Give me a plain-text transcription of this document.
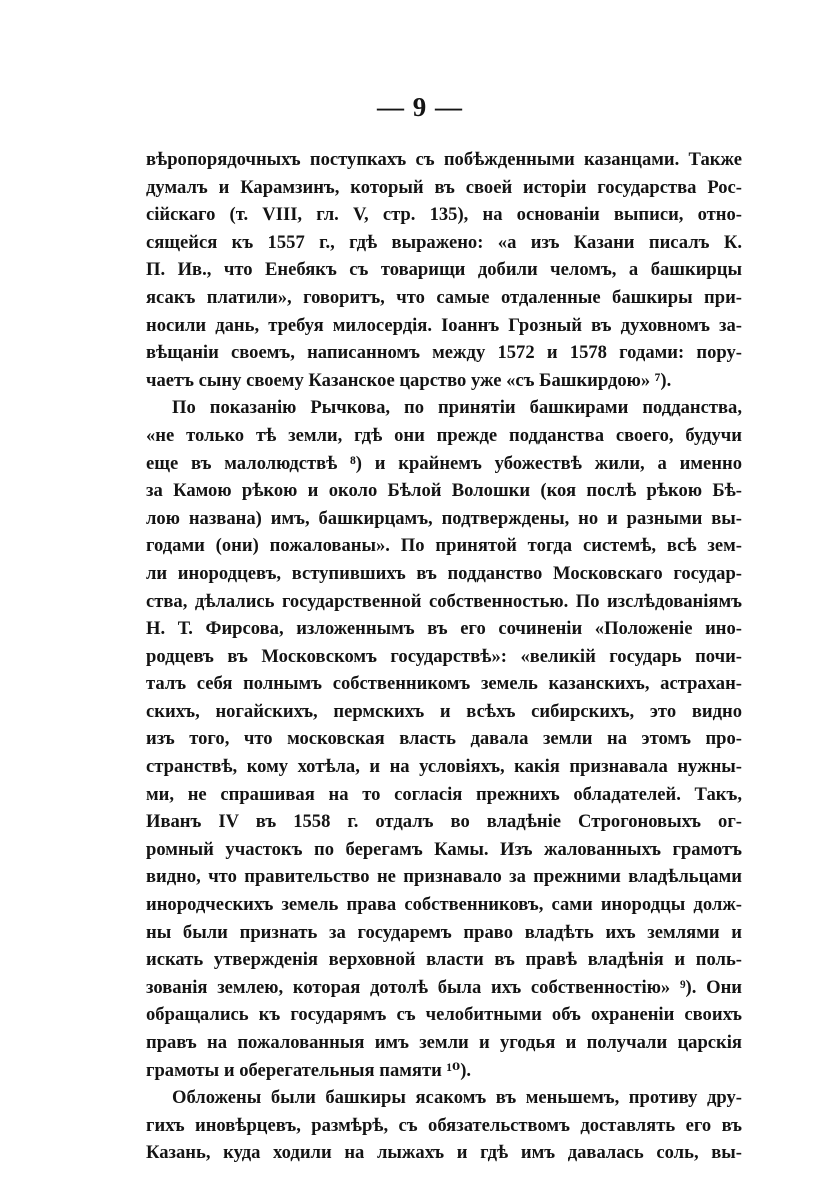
— 9 —
вѣропорядочныхъ поступкахъ съ побѣжденными казанцами. Также
думалъ и Карамзинъ, который въ своей исторіи государства Рос-
сійскаго (т. VIII, гл. V, стр. 135), на основаніи выписи, отно-
сящейся къ 1557 г., гдѣ выражено: «а изъ Казани писалъ К.
П. Ив., что Енебякъ съ товарищи добили челомъ, а башкирцы
ясакъ платили», говоритъ, что самые отдаленные башкиры при-
носили дань, требуя милосердія. Іоаннъ Грозный въ духовномъ за-
вѣщаніи своемъ, написанномъ между 1572 и 1578 годами: пору-
чаетъ сыну своему Казанское царство уже «съ Башкирдою» ⁷).
По показанію Рычкова, по принятіи башкирами подданства,
«не только тѣ земли, гдѣ они прежде подданства своего, будучи
еще въ малолюдствѣ ⁸) и крайнемъ убожествѣ жили, а именно
за Камою рѣкою и около Бѣлой Волошки (коя послѣ рѣкою Бѣ-
лою названа) имъ, башкирцамъ, подтверждены, но и разными вы-
годами (они) пожалованы». По принятой тогда системѣ, всѣ зем-
ли инородцевъ, вступившихъ въ подданство Московскаго государ-
ства, дѣлались государственной собственностью. По изслѣдованіямъ
Н. Т. Фирсова, изложеннымъ въ его сочиненіи «Положеніе ино-
родцевъ въ Московскомъ государствѣ»: «великій государь почи-
талъ себя полнымъ собственникомъ земель казанскихъ, астрахан-
скихъ, ногайскихъ, пермскихъ и всѣхъ сибирскихъ, это видно
изъ того, что московская власть давала земли на этомъ про-
странствѣ, кому хотѣла, и на условіяхъ, какія признавала нужны-
ми, не спрашивая на то согласія прежнихъ обладателей. Такъ,
Иванъ IV въ 1558 г. отдалъ во владѣніе Строгоновыхъ ог-
ромный участокъ по берегамъ Камы. Изъ жалованныхъ грамотъ
видно, что правительство не признавало за прежними владѣльцами
инородческихъ земель права собственниковъ, сами инородцы долж-
ны были признать за государемъ право владѣть ихъ землями и
искать утвержденія верховной власти въ правѣ владѣнія и поль-
зованія землею, которая дотолѣ была ихъ собственностію» ⁹). Они
обращались къ государямъ съ челобитными объ охраненіи своихъ
правъ на пожалованныя имъ земли и угодья и получали царскія
грамоты и оберегательныя памяти ¹⁰).
Обложены были башкиры ясакомъ въ меньшемъ, противу дру-
гихъ иновѣрцевъ, размѣрѣ, съ обязательствомъ доставлять его въ
Казань, куда ходили на лыжахъ и гдѣ имъ давалась соль, вы-
